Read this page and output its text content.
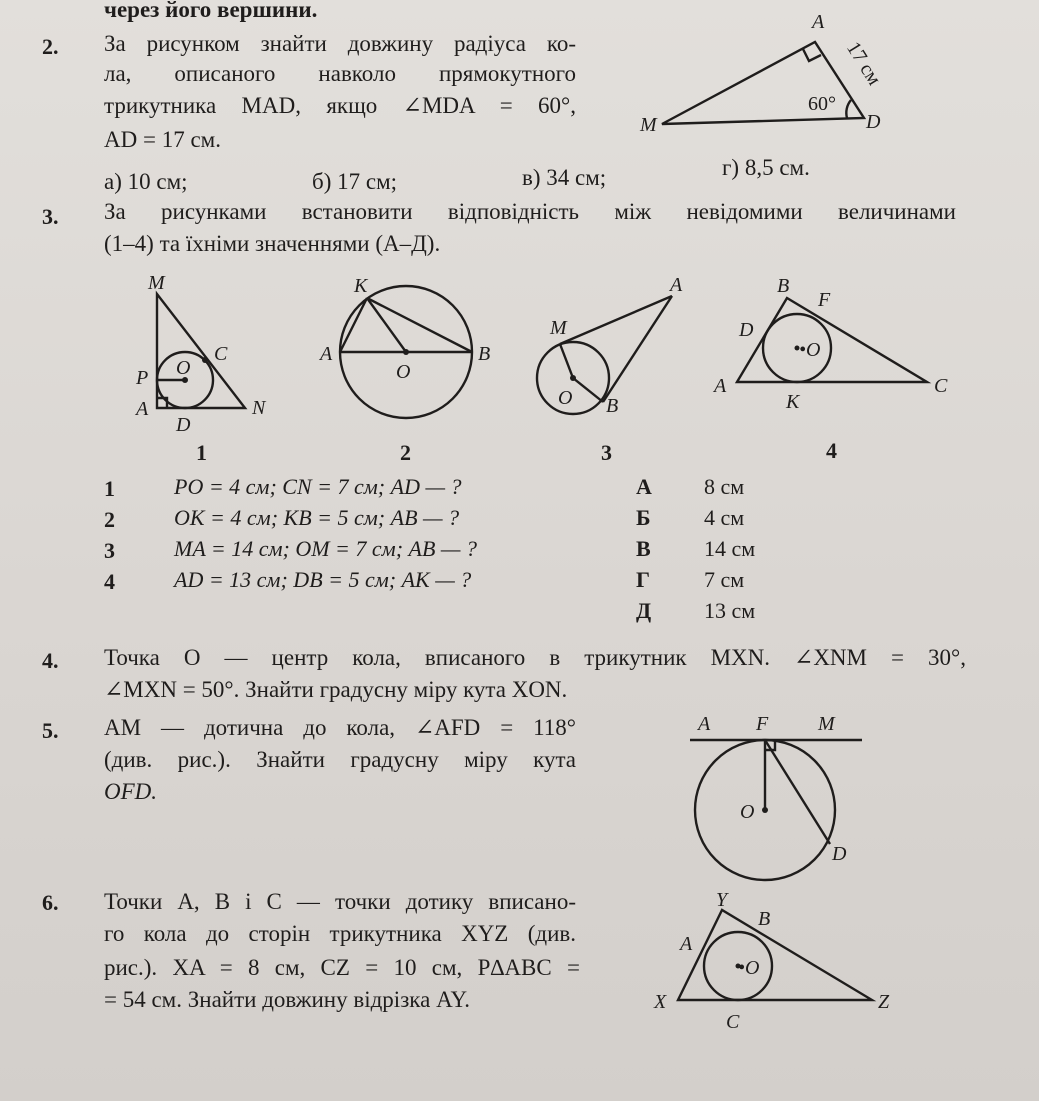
через його вершини.
2. За рисунком знайти довжину радіуса ко-
ла, описаного навколо прямокутного
трикутника MAD, якщо ∠MDA = 60°,
AD = 17 см.
а) 10 см;	б) 17 см;	в) 34 см;	г) 8,5 см.
A
M	D
17 см
60°
3. За рисунками встановити відповідність між невідомими величинами
(1–4) та їхніми значеннями (А–Д).
M
P O
C
A	N
D
K
A
O
B
A
M
O B
B
F
D
•O
A
K
C
1	2	3	4
1	PO = 4 см; CN = 7 см; AD — ?
2	OK = 4 см; KB = 5 см; AB — ?
3	MA = 14 см; OM = 7 см; AB — ?
4	AD = 13 см; DB = 5 см; AK — ?
А 8 см
Б 4 см
В 14 см
Г 7 см
Д 13 см
4. Точка O — центр кола, вписаного в трикутник MXN. ∠XNM = 30°,
∠MXN = 50°. Знайти градусну міру кута XON.
5. AM — дотична до кола, ∠AFD = 118°
(див. рис.). Знайти градусну міру кута
OFD.
A F M
O
D
6. Точки A, B і C — точки дотику вписано-
го кола до сторін трикутника XYZ (див.
рис.). XA = 8 см, CZ = 10 см, P∆ABC =
= 54 см. Знайти довжину відрізка AY.
Y
B
A
•O
X
C
Z
